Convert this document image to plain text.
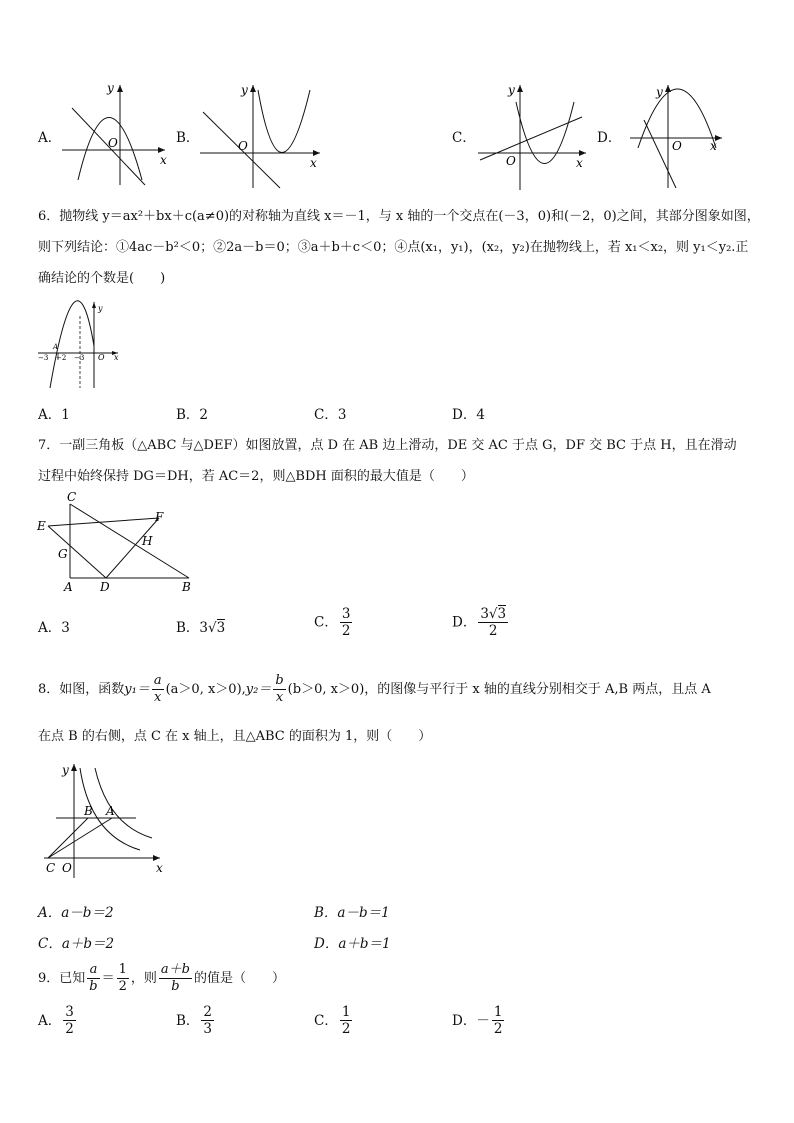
A．
y
x
O	B．
y
x
O	C．
y
x
O
D．
y
x
O
6．抛物线 y＝ax²＋bx＋c(a≠0)的对称轴为直线 x＝－1，与 x 轴的一个交点在(－3，0)和(－2，0)之间，其部分图象如图，
则下列结论：①4ac－b²＜0；②2a－b＝0；③a＋b＋c＜0；④点(x₁，y₁)，(x₂，y₂)在抛物线上，若 x₁＜x₂，则 y₁＜y₂.正
确结论的个数是(　　)
y
x
O
A
−3 −2 −3
A．1	B．2	C．3	D．4
7．一副三角板（△ABC 与△DEF）如图放置，点 D 在 AB 边上滑动，DE 交 AC 于点 G，DF 交 BC 于点 H，且在滑动
过程中始终保持 DG＝DH，若 AC＝2，则△BDH 面积的最大值是（　　）
C
E
F
G
H
A D	B
A．3	B．3√3	C． $\frac{3}{2}$	D． $\frac{3√3}{2}$
8．如图，函数 $y_1= \frac{a}{x} (a>0$, x＞0), $y_2= \frac{b}{x} (b>0$, x＞0) ，的图像与平行于 x 轴的直线分别相交于 A,B 两点，且点 A
在点 B 的右侧，点 C 在 x 轴上，且△ABC 的面积为 1，则（　　）
y
x
B A
C O
A．a－b＝2	B．a－b＝1
C．a＋b＝2	D．a＋b＝1
9．已知 $\frac{a}{b} = \frac{1}{2}$ ，则 $\frac{a+b}{b}$ 的值是（　　）
A． $\frac{3}{2}$	B． $\frac{2}{3}$	C． $\frac{1}{2}$	D． － $\frac{1}{2}$
